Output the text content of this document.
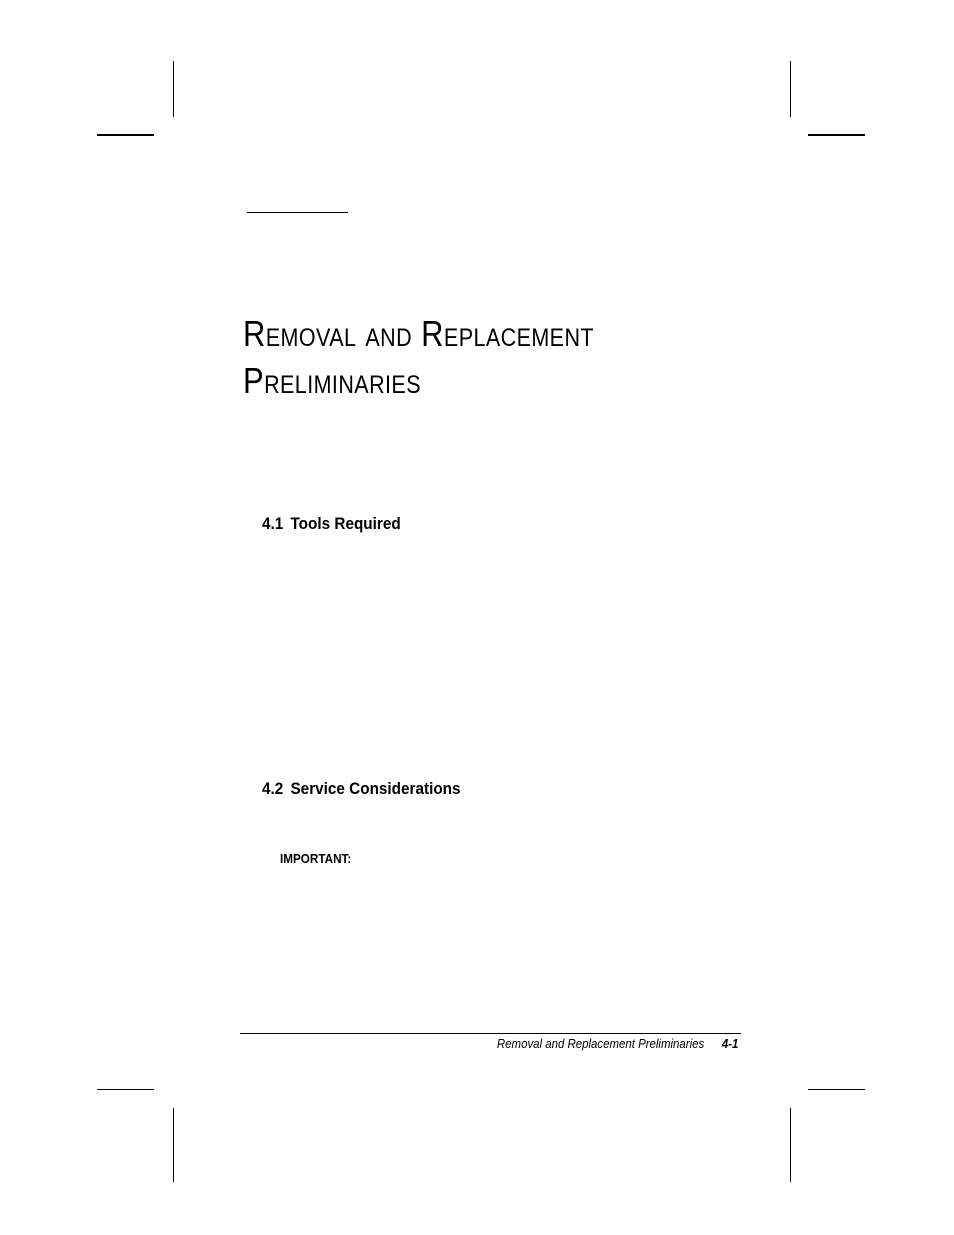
Removal and Replacement Preliminaries
4.1 Tools Required
4.2 Service Considerations

IMPORTANT:

Removal and Replacement Preliminaries 4-1
